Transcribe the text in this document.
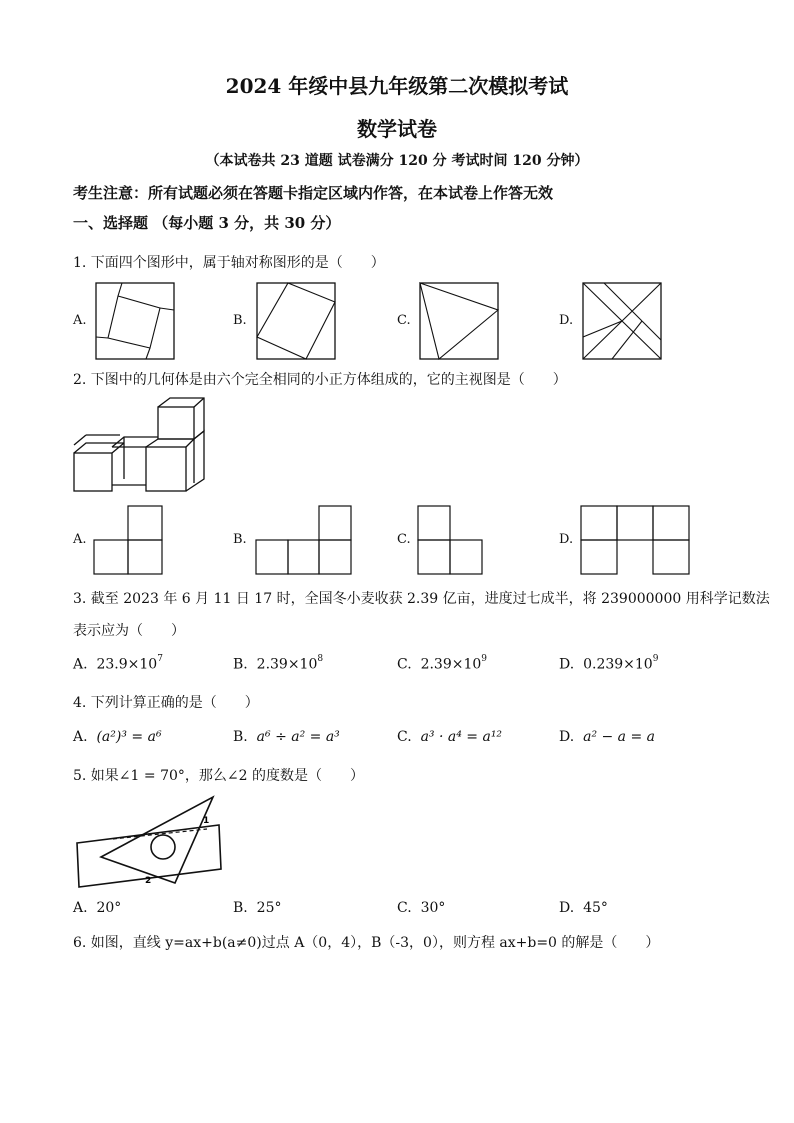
2024 年绥中县九年级第二次模拟考试
数学试卷
（本试卷共 23 道题 试卷满分 120 分 考试时间 120 分钟）
考生注意：所有试题必须在答题卡指定区域内作答，在本试卷上作答无效
一、选择题 （每小题 3 分，共 30 分）
1. 下面四个图形中，属于轴对称图形的是（　　）
A.	B.	C.	D.
2. 下图中的几何体是由六个完全相同的小正方体组成的，它的主视图是（　　）
A.	B.	C.	D.
3. 截至 2023 年 6 月 11 日 17 时，全国冬小麦收获 2.39 亿亩，进度过七成半，将 239000000 用科学记数法
表示应为（　　）
A. $23.9\times 10^7$	B. $2.39\times 10^8$	C. $2.39\times 10^9$	D. $0.239\times 10^9$
4. 下列计算正确的是（　　）
A. (a²)³ = a⁶	B. a⁶ ÷ a² = a³	C. a³ · a⁴ = a¹²	D. a² − a = a
5. 如果∠1 = 70°，那么∠2 的度数是（　　）
1
2
A. 20°	B. 25°	C. 30°	D. 45°
6. 如图，直线 y=ax+b(a≠0)过点 A（0，4），B（-3，0），则方程 ax+b=0 的解是（　　）
